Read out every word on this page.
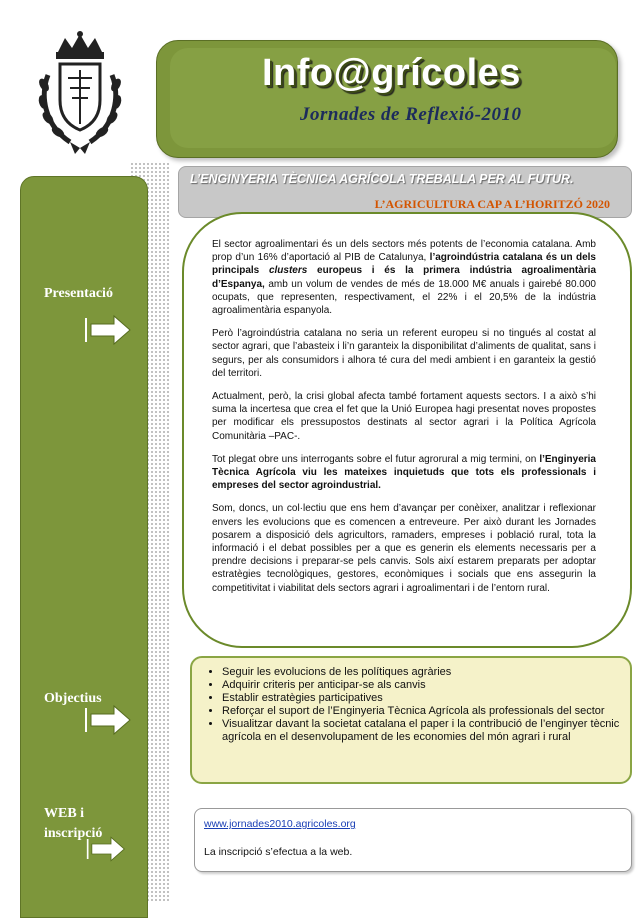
Info@grícoles
Jornades de Reflexió-2010
Presentació
Objectius
WEB i
inscripció
L’ENGINYERIA TÈCNICA AGRÍCOLA TREBALLA PER AL FUTUR.
L’AGRICULTURA CAP A L’HORITZÓ 2020

El sector agroalimentari és un dels sectors més potents de l’economia catalana. Amb prop d’un 16% d’aportació al PIB de Catalunya, l’agroindústria catalana és un dels principals clusters europeus i és la primera indústria agroalimentària d’Espanya, amb un volum de vendes de més de 18.000 M€ anuals i gairebé 80.000 ocupats, que representen, respectivament, el 22% i el 20,5% de la indústria agroalimentària espanyola.

Però l’agroindústria catalana no seria un referent europeu si no tingués al costat al sector agrari, que l’abasteix i li’n garanteix la disponibilitat d’aliments de qualitat, sans i segurs, per als consumidors i alhora té cura del medi ambient i en garanteix la gestió del territori.

Actualment, però, la crisi global afecta també fortament aquests sectors. I a això s’hi suma la incertesa que crea el fet que la Unió Europea hagi presentat noves propostes per modificar els pressupostos destinats al sector agrari i la Política Agrícola Comunitària –PAC-.

Tot plegat obre uns interrogants sobre el futur agrorural a mig termini, on l’Enginyeria Tècnica Agrícola viu les mateixes inquietuds que tots els professionals i empreses del sector agroindustrial.

Som, doncs, un col·lectiu que ens hem d’avançar per conèixer, analitzar i reflexionar envers les evolucions que es comencen a entreveure. Per això durant les Jornades posarem a disposició dels agricultors, ramaders, empreses i població rural, tota la informació i el debat possibles per a que es generin els elements necessaris per a prendre decisions i preparar-se pels canvis. Sols així estarem preparats per adoptar estratègies tecnològiques, gestores, econòmiques i socials que ens assegurin la competitivitat i viabilitat dels sectors agrari i agroalimentari i de l’entorn rural.

• Seguir les evolucions de les polítiques agràries
• Adquirir criteris per anticipar-se als canvis
• Establir estratègies participatives
• Reforçar el suport de l’Enginyeria Tècnica Agrícola als professionals del sector
• Visualitzar davant la societat catalana el paper i la contribució de l’enginyer tècnic agrícola en el desenvolupament de les economies del món agrari i rural
www.jornades2010.agricoles.org
La inscripció s’efectua a la web.
